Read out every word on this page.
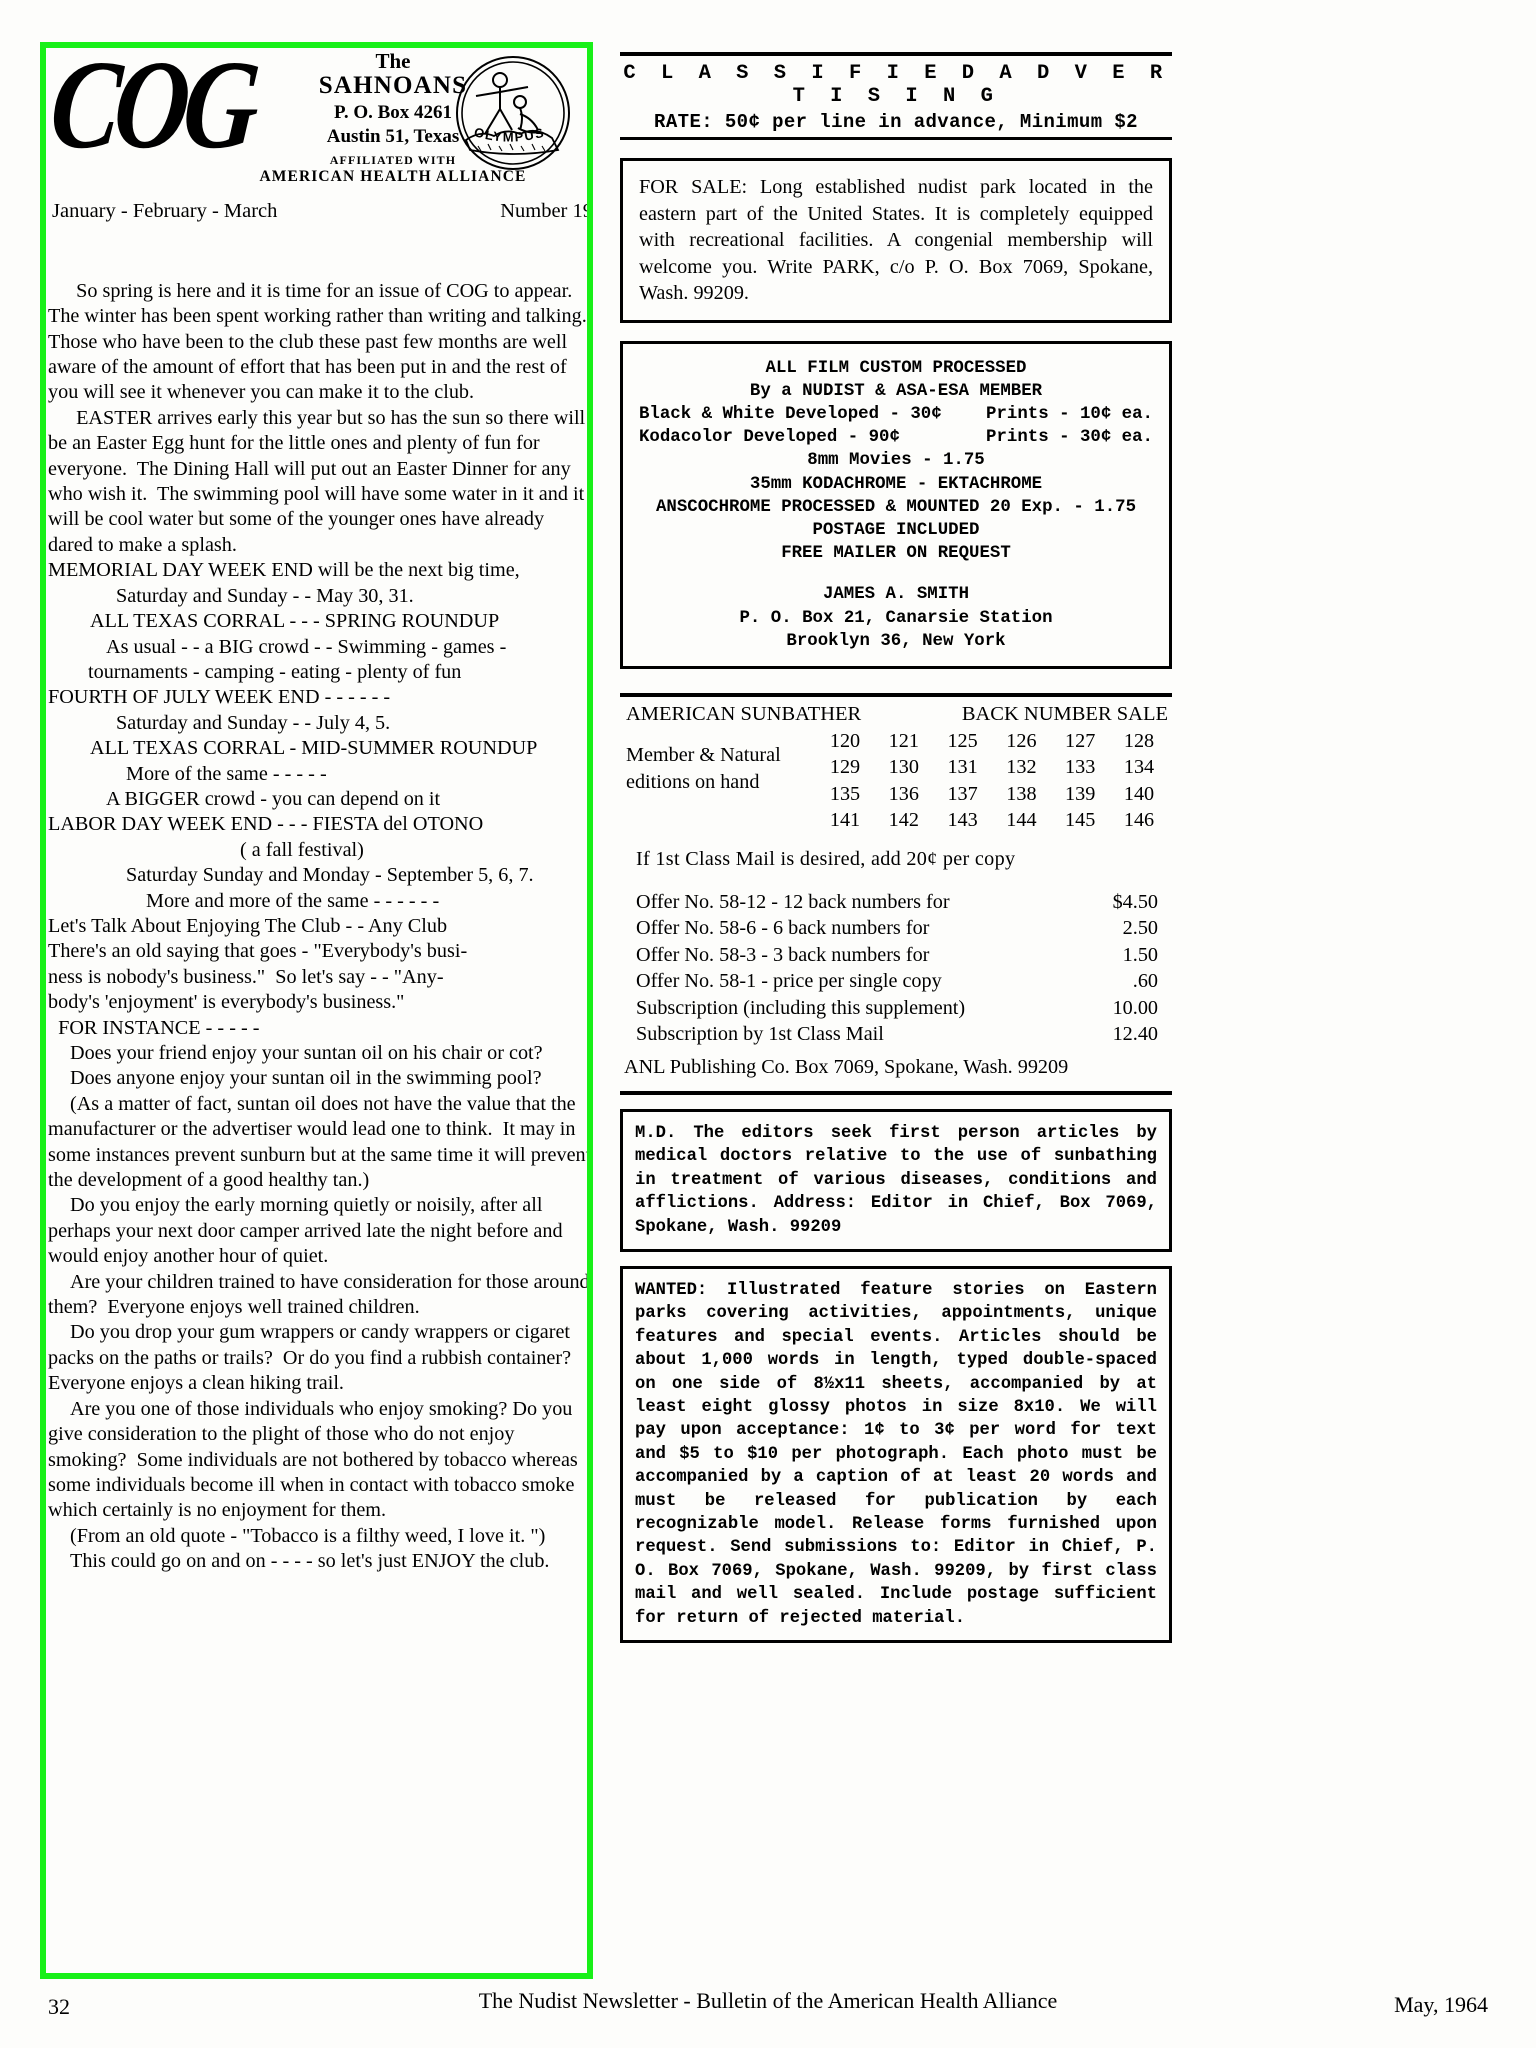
COG	The
SAHNOANS
P. O. Box 4261
Austin 51, Texas
AFFILIATED WITH
AMERICAN HEALTH ALLIANCE
OLYMPUS
January - February - March	Number 19

So spring is here and it is time for an issue of COG to appear.  The winter has been spent working rather than writing and talking.  Those who have been to the club these past few months are well aware of the amount of effort that has been put in and the rest of you will see it whenever you can make it to the club.

EASTER arrives early this year but so has the sun so there will be an Easter Egg hunt for the little ones and plenty of fun for everyone.  The Dining Hall will put out an Easter Dinner for any who wish it.  The swimming pool will have some water in it and it will be cool water but some of the younger ones have already dared to make a splash.

MEMORIAL DAY WEEK END will be the next big time,

Saturday and Sunday - - May 30, 31.

ALL TEXAS CORRAL - - - SPRING ROUNDUP

As usual - - a BIG crowd - - Swimming - games -

tournaments - camping - eating - plenty of fun

FOURTH OF JULY WEEK END - - - - - -

Saturday and Sunday - - July 4, 5.

ALL TEXAS CORRAL - MID-SUMMER ROUNDUP

More of the same - - - - -

A BIGGER crowd - you can depend on it

LABOR DAY WEEK END - - - FIESTA del OTONO

( a fall festival)

Saturday Sunday and Monday - September 5, 6, 7.

More and more of the same - - - - - -

Let's Talk About Enjoying The Club - - Any Club

There's an old saying that goes - "Everybody's busi-

ness is nobody's business."  So let's say - - "Any-

body's 'enjoyment' is everybody's business."

FOR INSTANCE - - - - -

Does your friend enjoy your suntan oil on his chair or cot?

Does anyone enjoy your suntan oil in the swimming pool?

(As a matter of fact, suntan oil does not have the value that the manufacturer or the advertiser would lead one to think.  It may in some instances prevent sunburn but at the same time it will prevent the development of a good healthy tan.)

Do you enjoy the early morning quietly or noisily, after all perhaps your next door camper arrived late the night before and would enjoy another hour of quiet.

Are your children trained to have consideration for those around them?  Everyone enjoys well trained children.

Do you drop your gum wrappers or candy wrappers or cigaret packs on the paths or trails?  Or do you find a rubbish container?  Everyone enjoys a clean hiking trail.

Are you one of those individuals who enjoy smoking? Do you give consideration to the plight of those who do not enjoy smoking?  Some individuals are not bothered by tobacco whereas some individuals become ill when in contact with tobacco smoke which certainly is no enjoyment for them.

(From an old quote - "Tobacco is a filthy weed, I love it. ")

This could go on and on - - - - so let's just ENJOY the club.

C L A S S I F I E D A D V E R T I S I N G
RATE: 50¢ per line in advance, Minimum $2
FOR SALE: Long established nudist park located in the eastern part of the United States. It is completely equipped with recreational facilities. A congenial membership will welcome you. Write PARK, c/o P. O. Box 7069, Spokane, Wash. 99209.
ALL FILM CUSTOM PROCESSED
By a NUDIST & ASA-ESA MEMBER
Black & White Developed - 30¢	Prints - 10¢ ea.
Kodacolor Developed - 90¢	Prints - 30¢ ea.
8mm Movies - 1.75
35mm KODACHROME - EKTACHROME
ANSCOCHROME PROCESSED & MOUNTED 20 Exp. - 1.75
POSTAGE INCLUDED
FREE MAILER ON REQUEST
JAMES A. SMITH
P. O. Box 21, Canarsie Station
Brooklyn 36, New York
AMERICAN SUNBATHER	BACK NUMBER SALE
Member & Natural
editions on hand
120	121	125	126	127	128
129	130	131	132	133	134
135	136	137	138	139	140
141	142	143	144	145	146
If 1st Class Mail is desired, add 20¢ per copy
Offer No. 58-12 - 12 back numbers for	$4.50
Offer No. 58-6 - 6 back numbers for	2.50
Offer No. 58-3 - 3 back numbers for	1.50
Offer No. 58-1 - price per single copy	.60
Subscription (including this supplement)	10.00
Subscription by 1st Class Mail	12.40
ANL Publishing Co. Box 7069, Spokane, Wash. 99209
M.D. The editors seek first person articles by medical doctors relative to the use of sunbathing in treatment of various diseases, conditions and afflictions. Address: Editor in Chief, Box 7069, Spokane, Wash. 99209
WANTED: Illustrated feature stories on Eastern parks covering activities, appointments, unique features and special events. Articles should be about 1,000 words in length, typed double-spaced on one side of 8½x11 sheets, accompanied by at least eight glossy photos in size 8x10. We will pay upon acceptance: 1¢ to 3¢ per word for text and $5 to $10 per photograph. Each photo must be accompanied by a caption of at least 20 words and must be released for publication by each recognizable model. Release forms furnished upon request. Send submissions to: Editor in Chief, P. O. Box 7069, Spokane, Wash. 99209, by first class mail and well sealed. Include postage sufficient for return of rejected material.
32	The Nudist Newsletter - Bulletin of the American Health Alliance	May, 1964
